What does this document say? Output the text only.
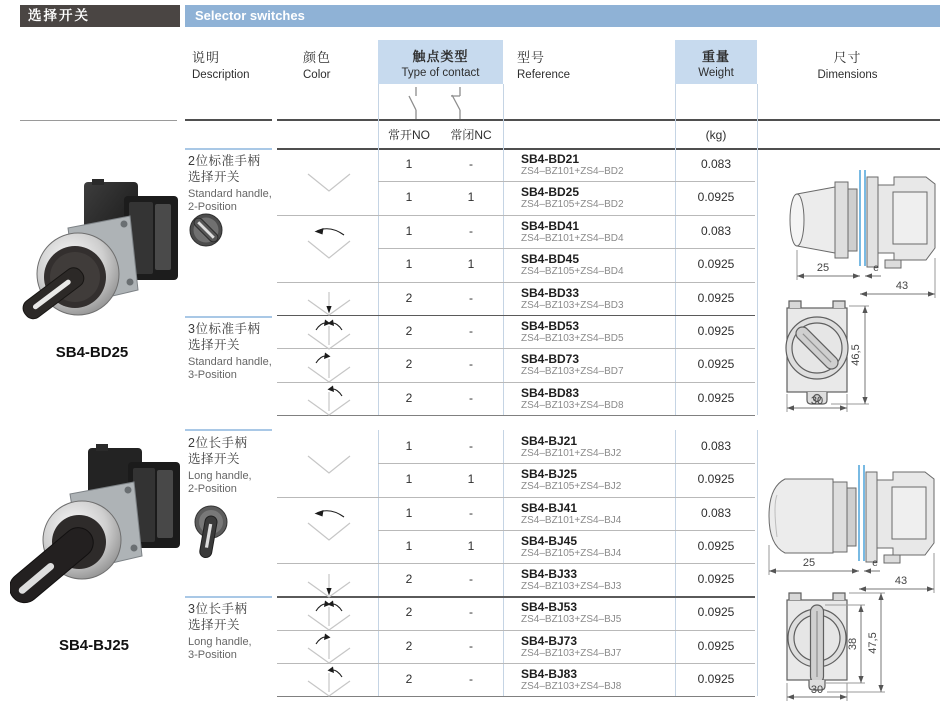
选择开关	Selector switches
说明
Description
颜色
Color
触点类型
Type of contact
型号
Reference
重量
Weight
尺寸
Dimensions
常开NO	常闭NC	(kg)
2位标准手柄
选择开关
Standard handle,
2-Position
3位标准手柄
选择开关
Standard handle,
3-Position
2位长手柄
选择开关
Long handle,
2-Position
3位长手柄
选择开关
Long handle,
3-Position
SB4-BD25
SB4-BJ25
1	-	SB4-BD21
ZS4–BZ101+ZS4–BD2
0.083
1	1	SB4-BD25
ZS4–BZ105+ZS4–BD2
0.0925
1	-	SB4-BD41
ZS4–BZ101+ZS4–BD4
0.083
1	1	SB4-BD45
ZS4–BZ105+ZS4–BD4
0.0925
2	-	SB4-BD33
ZS4–BZ103+ZS4–BD3
0.0925
2	-	SB4-BD53
ZS4–BZ103+ZS4–BD5
0.0925
2	-	SB4-BD73
ZS4–BZ103+ZS4–BD7
0.0925
2	-	SB4-BD83
ZS4–BZ103+ZS4–BD8
0.0925
1	-	SB4-BJ21
ZS4–BZ101+ZS4–BJ2
0.083
1	1	SB4-BJ25
ZS4–BZ105+ZS4–BJ2
0.0925
1	-	SB4-BJ41
ZS4–BZ101+ZS4–BJ4
0.083
1	1	SB4-BJ45
ZS4–BZ105+ZS4–BJ4
0.0925
2	-	SB4-BJ33
ZS4–BZ103+ZS4–BJ3
0.0925
2	-	SB4-BJ53
ZS4–BZ103+ZS4–BJ5
0.0925
2	-	SB4-BJ73
ZS4–BZ103+ZS4–BJ7
0.0925
2	-	SB4-BJ83
ZS4–BZ103+ZS4–BJ8
0.0925
25	e
43
46,5
30
25	e
43
38 47,5
30
